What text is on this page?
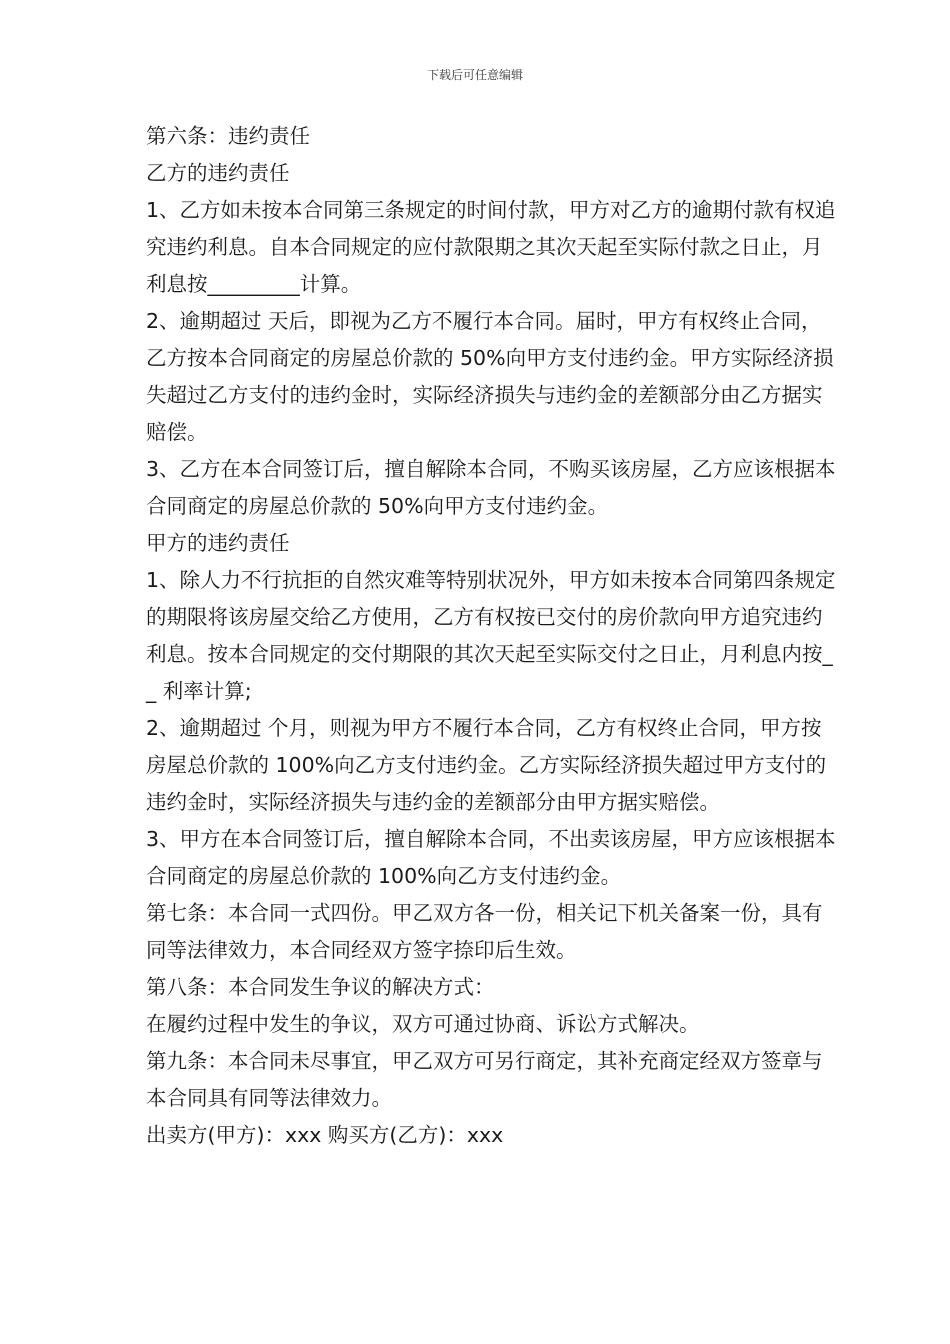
下载后可任意编辑

第六条：违约责任

乙方的违约责任

1、乙方如未按本合同第三条规定的时间付款，甲方对乙方的逾期付款有权追究违约利息。自本合同规定的应付款限期之其次天起至实际付款之日止，月利息按_________计算。

2、逾期超过 天后，即视为乙方不履行本合同。届时，甲方有权终止合同，乙方按本合同商定的房屋总价款的 50%向甲方支付违约金。甲方实际经济损失超过乙方支付的违约金时，实际经济损失与违约金的差额部分由乙方据实赔偿。

3、乙方在本合同签订后，擅自解除本合同，不购买该房屋，乙方应该根据本合同商定的房屋总价款的 50%向甲方支付违约金。

甲方的违约责任

1、除人力不行抗拒的自然灾难等特别状况外，甲方如未按本合同第四条规定的期限将该房屋交给乙方使用，乙方有权按已交付的房价款向甲方追究违约利息。按本合同规定的交付期限的其次天起至实际交付之日止，月利息内按__ 利率计算;

2、逾期超过 个月，则视为甲方不履行本合同，乙方有权终止合同，甲方按房屋总价款的 100%向乙方支付违约金。乙方实际经济损失超过甲方支付的违约金时，实际经济损失与违约金的差额部分由甲方据实赔偿。

3、甲方在本合同签订后，擅自解除本合同，不出卖该房屋，甲方应该根据本合同商定的房屋总价款的 100%向乙方支付违约金。

第七条：本合同一式四份。甲乙双方各一份，相关记下机关备案一份，具有同等法律效力，本合同经双方签字捺印后生效。

第八条：本合同发生争议的解决方式：

在履约过程中发生的争议，双方可通过协商、诉讼方式解决。

第九条：本合同未尽事宜，甲乙双方可另行商定，其补充商定经双方签章与本合同具有同等法律效力。

出卖方(甲方)：xxx 购买方(乙方)：xxx
